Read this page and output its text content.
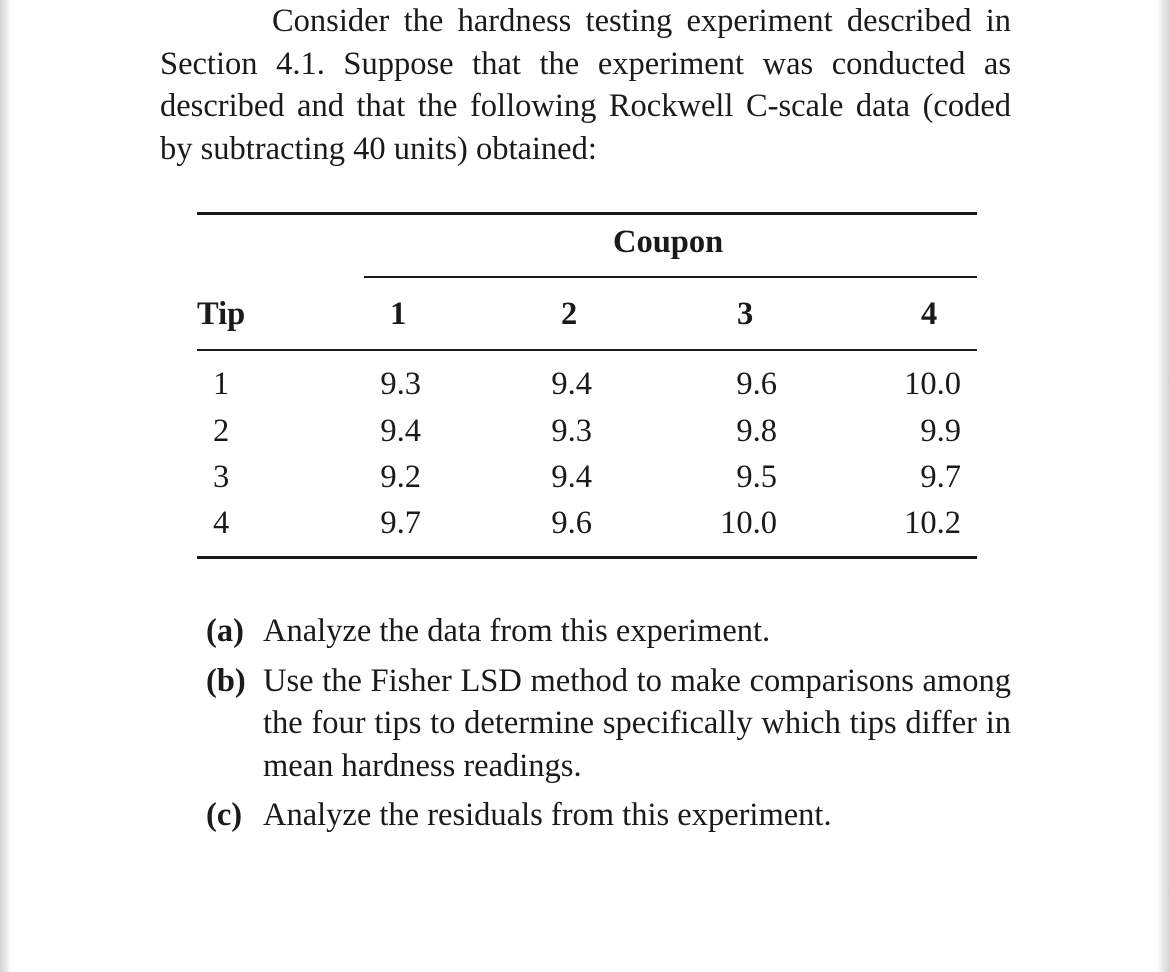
Consider the hardness testing experiment described in Section 4.1. Suppose that the experiment was conducted as described and that the following Rockwell C-scale data (coded by subtracting 40 units) obtained:

Coupon
Tip	1	2	3	4
1	9.3	9.4	9.6	10.0
2	9.4	9.3	9.8	9.9
3	9.2	9.4	9.5	9.7
4	9.7	9.6	10.0	10.2
(a) Analyze the data from this experiment.
(b) Use the Fisher LSD method to make comparisons among the four tips to determine specifically which tips differ in mean hardness readings.
(c) Analyze the residuals from this experiment.
